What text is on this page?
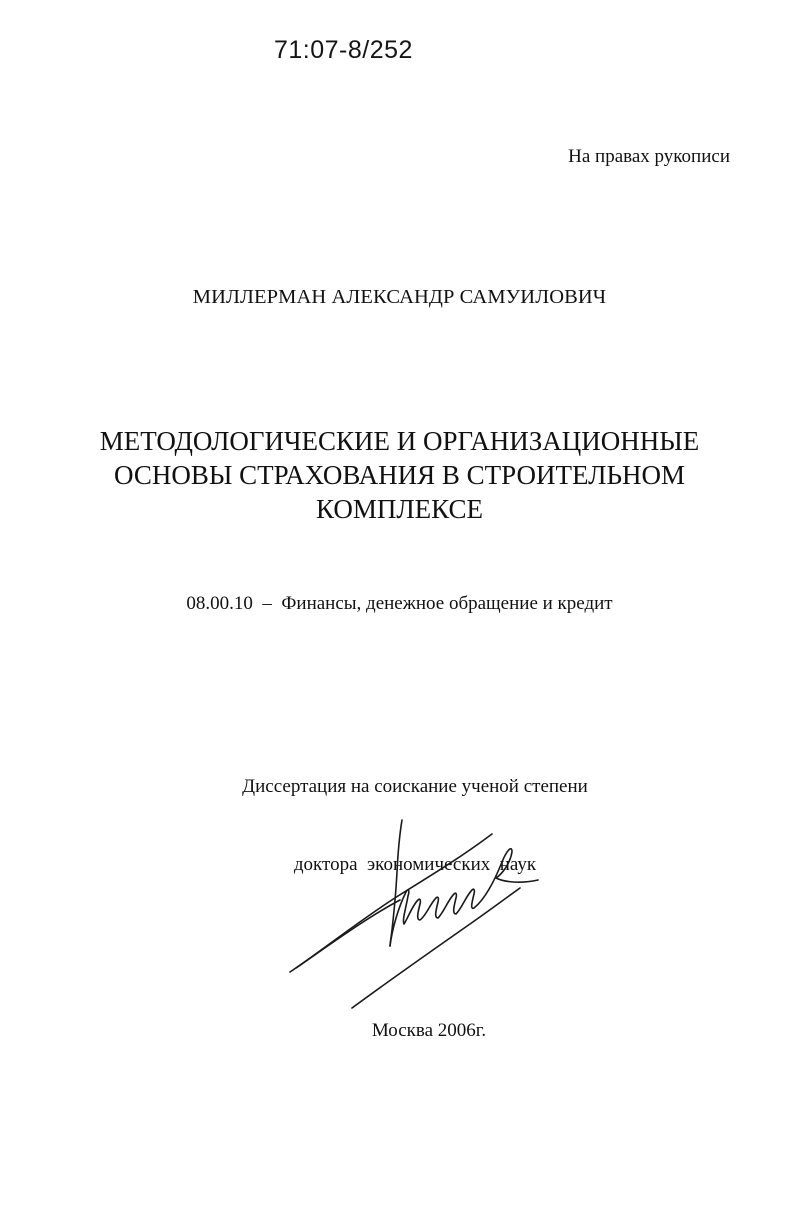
71:07-8/252
На правах рукописи
МИЛЛЕРМАН АЛЕКСАНДР САМУИЛОВИЧ
МЕТОДОЛОГИЧЕСКИЕ И ОРГАНИЗАЦИОННЫЕ
ОСНОВЫ СТРАХОВАНИЯ В СТРОИТЕЛЬНОМ
КОМПЛЕКСЕ
08.00.10  –  Финансы, денежное обращение и кредит

Диссертация на соискание ученой степени

доктора  экономических  наук

Москва 2006г.
